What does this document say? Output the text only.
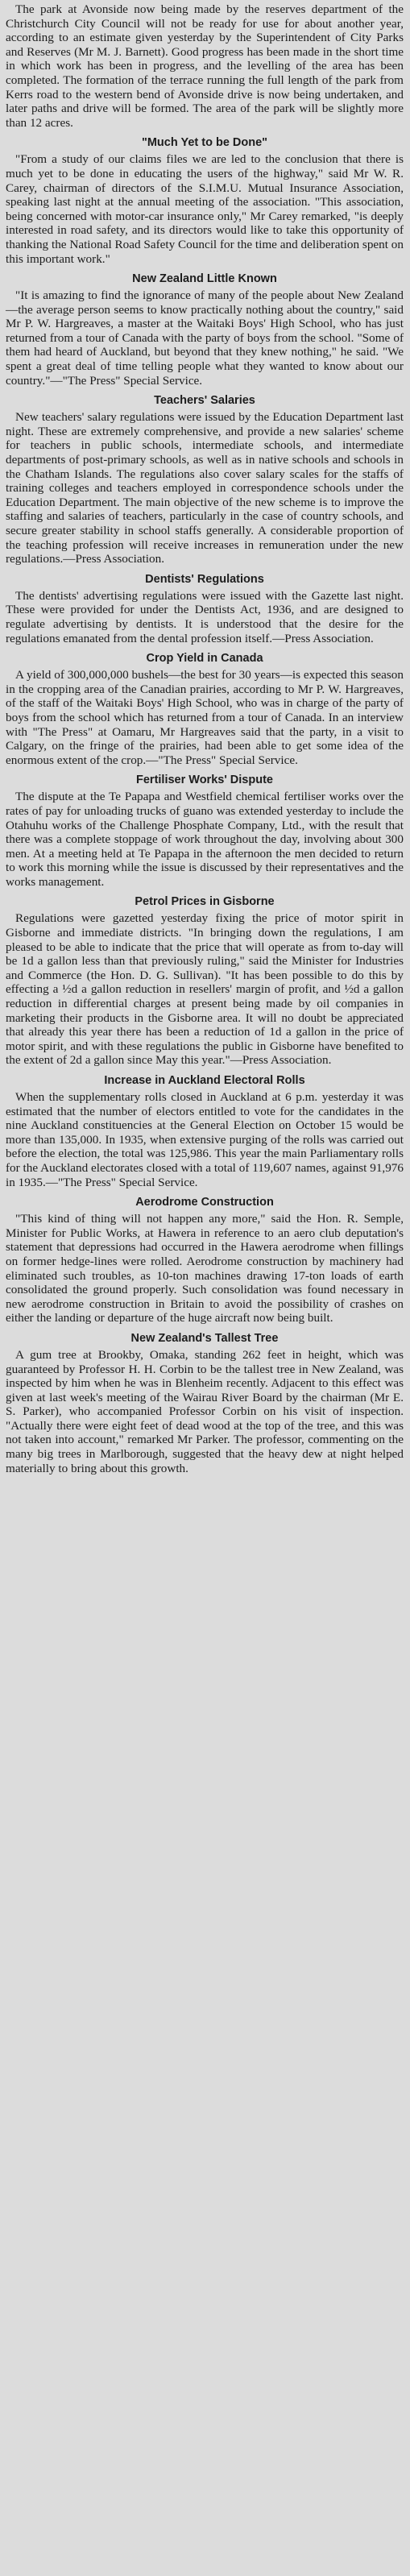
The park at Avonside now being made by the reserves department of the Christchurch City Council will not be ready for use for about another year, according to an estimate given yesterday by the Superintendent of City Parks and Reserves (Mr M. J. Barnett). Good progress has been made in the short time in which work has been in progress, and the levelling of the area has been completed. The formation of the terrace running the full length of the park from Kerrs road to the western bend of Avonside drive is now being undertaken, and later paths and drive will be formed. The area of the park will be slightly more than 12 acres.

"Much Yet to be Done"

"From a study of our claims files we are led to the conclusion that there is much yet to be done in educating the users of the highway," said Mr W. R. Carey, chairman of directors of the S.I.M.U. Mutual Insurance Association, speaking last night at the annual meeting of the association. "This association, being concerned with motor-car insurance only," Mr Carey remarked, "is deeply interested in road safety, and its directors would like to take this opportunity of thanking the National Road Safety Council for the time and deliberation spent on this important work."

New Zealand Little Known

"It is amazing to find the ignorance of many of the people about New Zealand—the average person seems to know practically nothing about the country," said Mr P. W. Hargreaves, a master at the Waitaki Boys' High School, who has just returned from a tour of Canada with the party of boys from the school. "Some of them had heard of Auckland, but beyond that they knew nothing," he said. "We spent a great deal of time telling people what they wanted to know about our country."—"The Press" Special Service.

Teachers' Salaries

New teachers' salary regulations were issued by the Education Department last night. These are extremely comprehensive, and provide a new salaries' scheme for teachers in public schools, intermediate schools, and intermediate departments of post-primary schools, as well as in native schools and schools in the Chatham Islands. The regulations also cover salary scales for the staffs of training colleges and teachers employed in correspondence schools under the Education Department. The main objective of the new scheme is to improve the staffing and salaries of teachers, particularly in the case of country schools, and secure greater stability in school staffs generally. A considerable proportion of the teaching profession will receive increases in remuneration under the new regulations.—Press Association.

Dentists' Regulations

The dentists' advertising regulations were issued with the Gazette last night. These were provided for under the Dentists Act, 1936, and are designed to regulate advertising by dentists. It is understood that the desire for the regulations emanated from the dental profession itself.—Press Association.

Crop Yield in Canada

A yield of 300,000,000 bushels—the best for 30 years—is expected this season in the cropping area of the Canadian prairies, according to Mr P. W. Hargreaves, of the staff of the Waitaki Boys' High School, who was in charge of the party of boys from the school which has returned from a tour of Canada. In an interview with "The Press" at Oamaru, Mr Hargreaves said that the party, in a visit to Calgary, on the fringe of the prairies, had been able to get some idea of the enormous extent of the crop.—"The Press" Special Service.

Fertiliser Works' Dispute

The dispute at the Te Papapa and Westfield chemical fertiliser works over the rates of pay for unloading trucks of guano was extended yesterday to include the Otahuhu works of the Challenge Phosphate Company, Ltd., with the result that there was a complete stoppage of work throughout the day, involving about 300 men. At a meeting held at Te Papapa in the afternoon the men decided to return to work this morning while the issue is discussed by their representatives and the works management.

Petrol Prices in Gisborne

Regulations were gazetted yesterday fixing the price of motor spirit in Gisborne and immediate districts. "In bringing down the regulations, I am pleased to be able to indicate that the price that will operate as from to-day will be 1d a gallon less than that previously ruling," said the Minister for Industries and Commerce (the Hon. D. G. Sullivan). "It has been possible to do this by effecting a ½d a gallon reduction in resellers' margin of profit, and ½d a gallon reduction in differential charges at present being made by oil companies in marketing their products in the Gisborne area. It will no doubt be appreciated that already this year there has been a reduction of 1d a gallon in the price of motor spirit, and with these regulations the public in Gisborne have benefited to the extent of 2d a gallon since May this year."—Press Association.

Increase in Auckland Electoral Rolls

When the supplementary rolls closed in Auckland at 6 p.m. yesterday it was estimated that the number of electors entitled to vote for the candidates in the nine Auckland constituencies at the General Election on October 15 would be more than 135,000. In 1935, when extensive purging of the rolls was carried out before the election, the total was 125,986. This year the main Parliamentary rolls for the Auckland electorates closed with a total of 119,607 names, against 91,976 in 1935.—"The Press" Special Service.

Aerodrome Construction

"This kind of thing will not happen any more," said the Hon. R. Semple, Minister for Public Works, at Hawera in reference to an aero club deputation's statement that depressions had occurred in the Hawera aerodrome when fillings on former hedge-lines were rolled. Aerodrome construction by machinery had eliminated such troubles, as 10-ton machines drawing 17-ton loads of earth consolidated the ground properly. Such consolidation was found necessary in new aerodrome construction in Britain to avoid the possibility of crashes on either the landing or departure of the huge aircraft now being built.

New Zealand's Tallest Tree

A gum tree at Brookby, Omaka, standing 262 feet in height, which was guaranteed by Professor H. H. Corbin to be the tallest tree in New Zealand, was inspected by him when he was in Blenheim recently. Adjacent to this effect was given at last week's meeting of the Wairau River Board by the chairman (Mr E. S. Parker), who accompanied Professor Corbin on his visit of inspection. "Actually there were eight feet of dead wood at the top of the tree, and this was not taken into account," remarked Mr Parker. The professor, commenting on the many big trees in Marlborough, suggested that the heavy dew at night helped materially to bring about this growth.
